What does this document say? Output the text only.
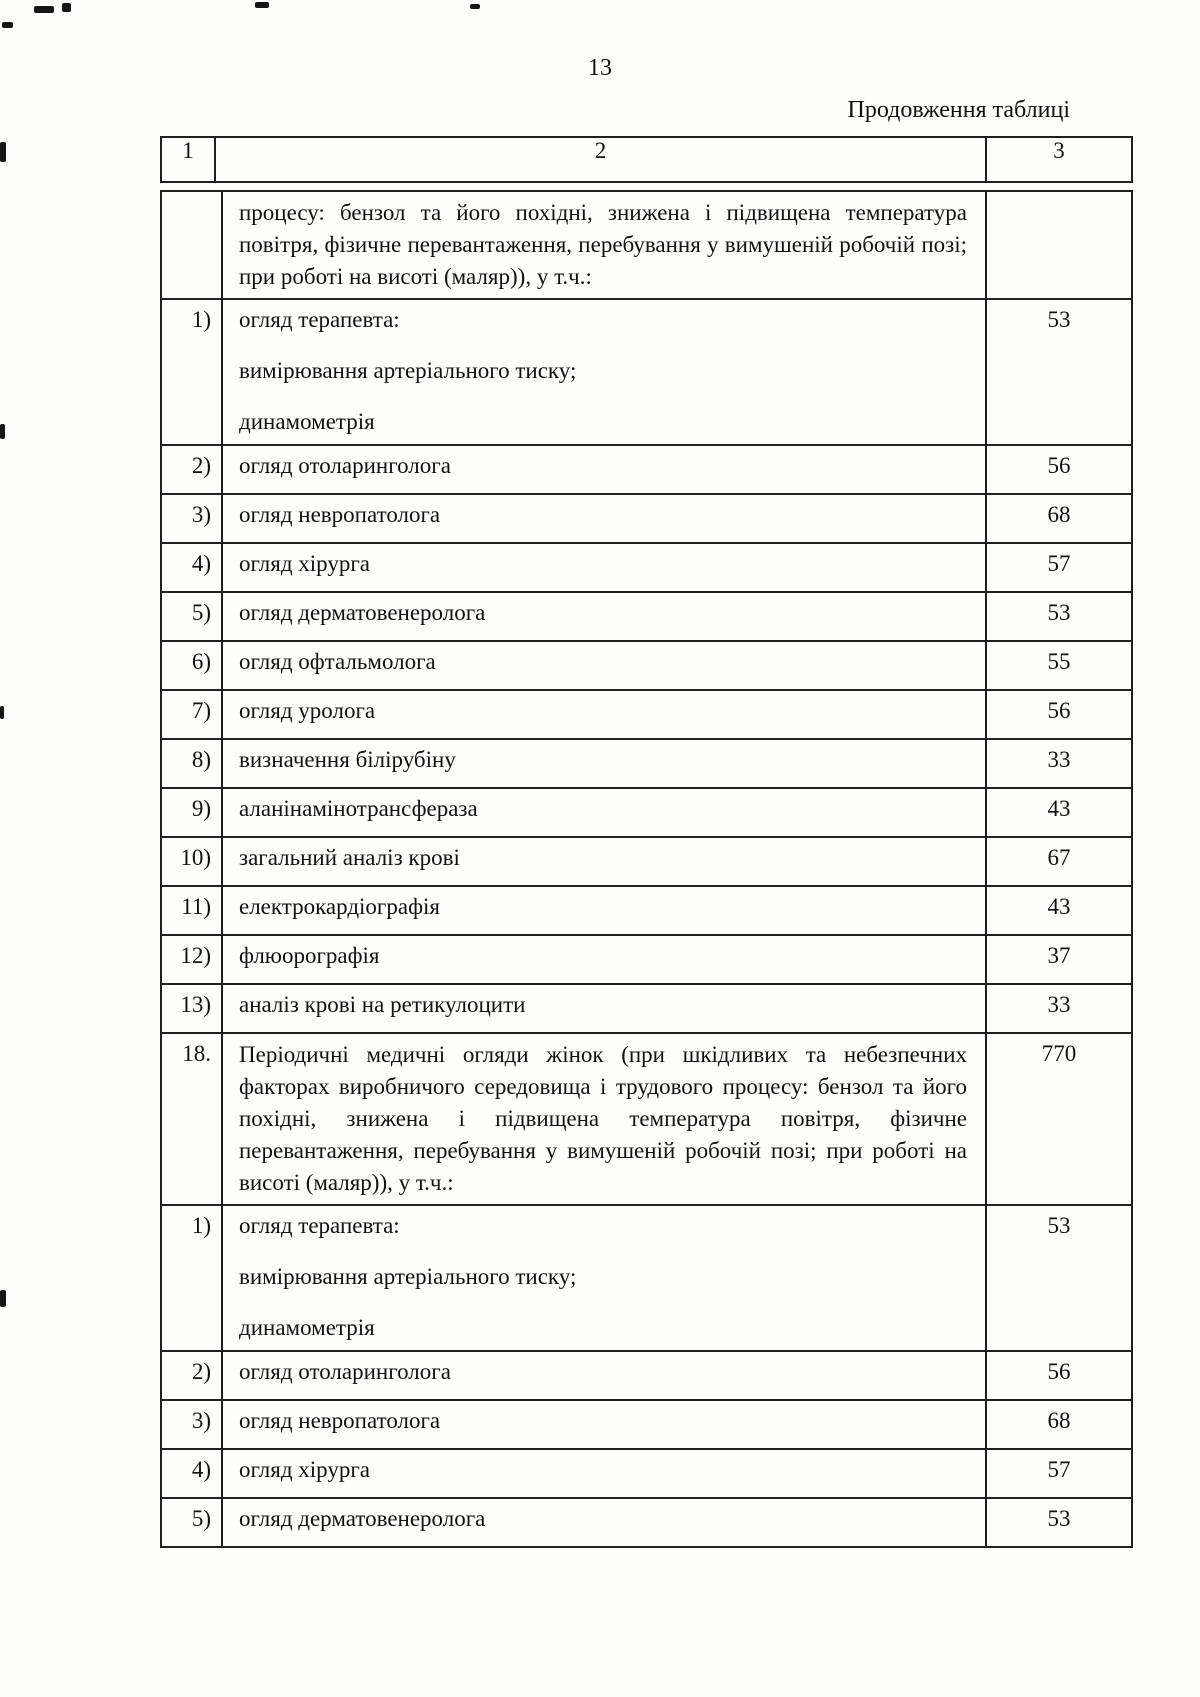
13
Продовження таблиці
1	2	3

	процесу: бензол та його похідні, знижена і підвищена температура повітря, фізичне перевантаження, перебування у вимушеній робочій позі; при роботі на висоті (маляр)), у т.ч.:	

1)	огляд терапевта:

вимірювання артеріального тиску;

динамометрія	53
2)	огляд отоларинголога	56
3)	огляд невропатолога	68
4)	огляд хірурга	57
5)	огляд дерматовенеролога	53
6)	огляд офтальмолога	55
7)	огляд уролога	56
8)	визначення білірубіну	33
9)	аланінамінотрансфераза	43
10)	загальний аналіз крові	67
11)	електрокардіографія	43
12)	флюорографія	37
13)	аналіз крові на ретикулоцити	33
18.	Періодичні медичні огляди жінок (при шкідливих та небезпечних факторах виробничого середовища і трудового процесу: бензол та його похідні, знижена і підвищена температура повітря, фізичне перевантаження, перебування у вимушеній робочій позі; при роботі на висоті (маляр)), у т.ч.:	770
1)	огляд терапевта:

вимірювання артеріального тиску;

динамометрія	53
2)	огляд отоларинголога	56
3)	огляд невропатолога	68
4)	огляд хірурга	57
5)	огляд дерматовенеролога	53
